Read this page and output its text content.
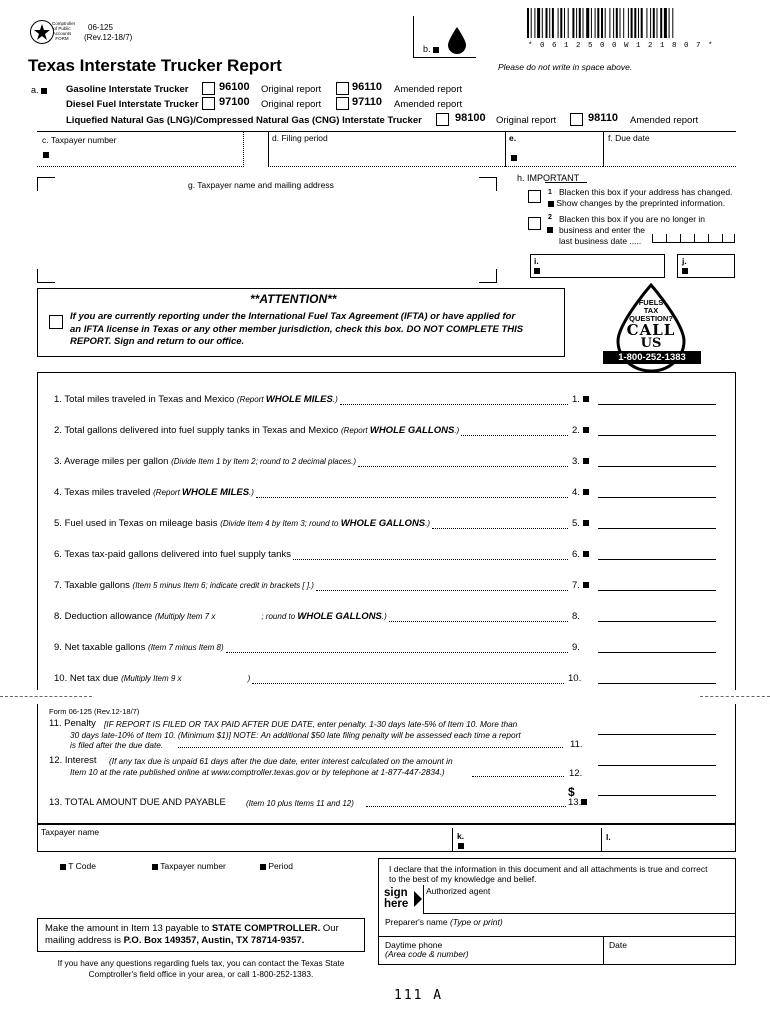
Comptroller
of Public
Accounts
FORM
06-125
(Rev.12-18/7)
b.	* 0 6 1 2 5 0 0 W 1 2 1 8 0 7 *
Texas Interstate Trucker Report	Please do not write in space above.
a.	Gasoline Interstate Trucker	96100 Original report	96110 Amended report
Diesel Fuel Interstate Trucker 97100 Original report	97110 Amended report
Liquefied Natural Gas (LNG)/Compressed Natural Gas (CNG) Interstate Trucker	98100 Original report	98110 Amended report
c. Taxpayer number	d. Filing period	e.	f. Due date
g. Taxpayer name and mailing address
h. IMPORTANT
1 Blacken this box if your address has changed.
Show changes by the preprinted information.
2 Blacken this box if you are no longer in
business and enter the
last business date .....
i.	j.
**ATTENTION**
If you are currently reporting under the International Fuel Tax Agreement (IFTA) or have applied for
an IFTA license in Texas or any other member jurisdiction, check this box. DO NOT COMPLETE THIS
REPORT. Sign and return to our office.
FUELS
TAX
QUESTION?
CALL
US
1-800-252-1383
1. Total miles traveled in Texas and Mexico (Report WHOLE MILES.)	1.
2. Total gallons delivered into fuel supply tanks in Texas and Mexico (Report WHOLE GALLONS.)	2.
3. Average miles per gallon (Divide Item 1 by Item 2; round to 2 decimal places.)	3.
4. Texas miles traveled (Report WHOLE MILES.)	4.
5. Fuel used in Texas on mileage basis (Divide Item 4 by Item 3; round to WHOLE GALLONS.)	5.
6. Texas tax-paid gallons delivered into fuel supply tanks	6.
7. Taxable gallons (Item 5 minus Item 6; indicate credit in brackets [ ].)	7.
8. Deduction allowance (Multiply Item 7 x	; round to WHOLE GALLONS.)	8.
9. Net taxable gallons (Item 7 minus Item 8)	9.
10. Net tax due (Multiply Item 9 x	)	10.
Form 06-125 (Rev.12-18/7)
11. Penalty [IF REPORT IS FILED OR TAX PAID AFTER DUE DATE, enter penalty. 1-30 days late-5% of Item 10. More than
30 days late-10% of Item 10. (Minimum $1)] NOTE: An additional $50 late filing penalty will be assessed each time a report
is filed after the due date.	11.
12. Interest (If any tax due is unpaid 61 days after the due date, enter interest calculated on the amount in
Item 10 at the rate published online at www.comptroller.texas.gov or by telephone at 1-877-447-2834.)	12.
$
13. TOTAL AMOUNT DUE AND PAYABLE	(Item 10 plus Items 11 and 12)	13.
Taxpayer name	k.	l.
T Code	Taxpayer number	Period	I declare that the information in this document and all attachments is true and correct
to the best of my knowledge and belief.
sign
here
Authorized agent
Preparer's name (Type or print)
Daytime phone
(Area code & number)
Date
Make the amount in Item 13 payable to STATE COMPTROLLER. Our
mailing address is P.O. Box 149357, Austin, TX 78714-9357.
If you have any questions regarding fuels tax, you can contact the Texas State
Comptroller's field office in your area, or call 1-800-252-1383.
111 A
